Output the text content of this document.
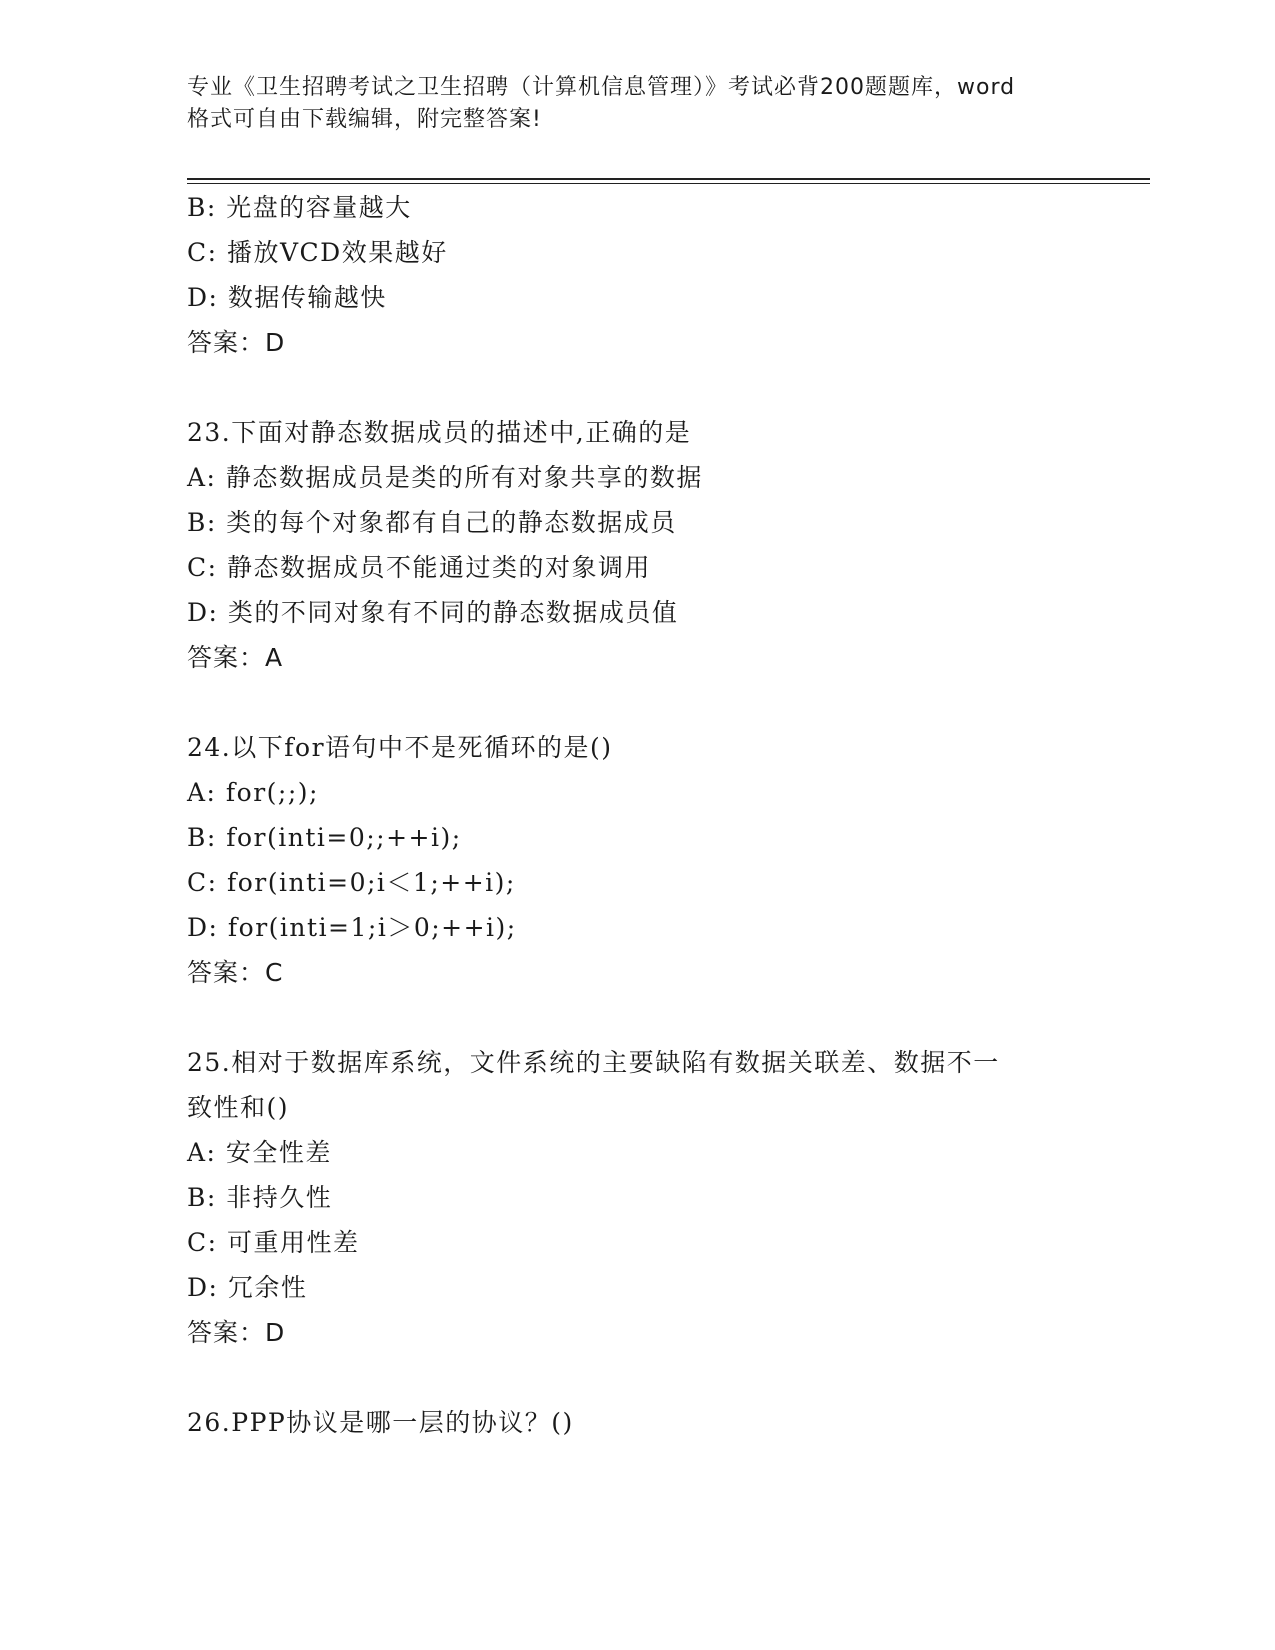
专业《卫生招聘考试之卫生招聘（计算机信息管理）》考试必背200题题库，word
格式可自由下载编辑，附完整答案!
B: 光盘的容量越大
C: 播放VCD效果越好
D: 数据传输越快
答案：D
23.下面对静态数据成员的描述中,正确的是
A: 静态数据成员是类的所有对象共享的数据
B: 类的每个对象都有自己的静态数据成员
C: 静态数据成员不能通过类的对象调用
D: 类的不同对象有不同的静态数据成员值
答案：A
24.以下for语句中不是死循环的是()
A: for(;;);
B: for(inti=0;;++i);
C: for(inti=0;i＜1;++i);
D: for(inti=1;i＞0;++i);
答案：C
25.相对于数据库系统，文件系统的主要缺陷有数据关联差、数据不一
致性和()
A: 安全性差
B: 非持久性
C: 可重用性差
D: 冗余性
答案：D
26.PPP协议是哪一层的协议？()
